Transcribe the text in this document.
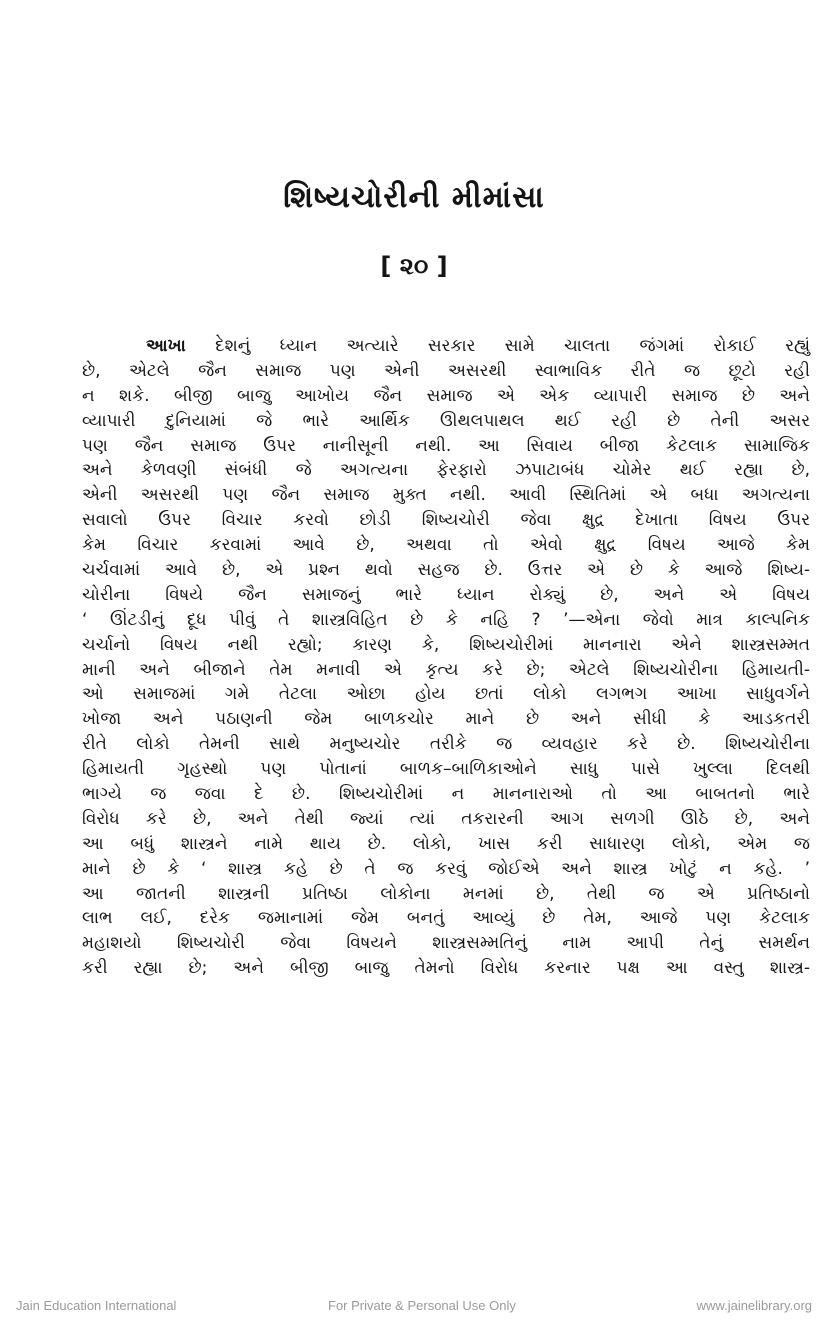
શિષ્યચોરીની મીમાંસા
[ ૨૦ ]
આખા દેશનું ધ્યાન અત્યારે સરકાર સામે ચાલતા જંગમાં રોકાઈ રહ્યું
છે, એટલે જૈન સમાજ પણ એની અસરથી સ્વાભાવિક રીતે જ છૂટો રહી
ન શકે. બીજી બાજુ આખોય જૈન સમાજ એ એક વ્યાપારી સમાજ છે અને
વ્યાપારી દુનિયામાં જે ભારે આર્થિક ઊથલપાથલ થઈ રહી છે તેની અસર
પણ જૈન સમાજ ઉપર નાનીસૂની નથી. આ સિવાય બીજા કેટલાક સામાજિક
અને કેળવણી સંબંધી જે અગત્યના ફેરફારો ઝપાટાબંધ ચોમેર થઈ રહ્યા છે,
એની અસરથી પણ જૈન સમાજ મુક્ત નથી. આવી સ્થિતિમાં એ બધા અગત્યના
સવાલો ઉપર વિચાર કરવો છોડી શિષ્યચોરી જેવા ક્ષુદ્ર દેખાતા વિષય ઉપર
કેમ વિચાર કરવામાં આવે છે, અથવા તો એવો ક્ષુદ્ર વિષય આજે કેમ
ચર્ચવામાં આવે છે, એ પ્રશ્ન થવો સહજ છે. ઉત્તર એ છે કે આજે શિષ્ય-
ચોરીના વિષયે જૈન સમાજનું ભારે ધ્યાન રોક્યું છે, અને એ વિષય
‘ ઊંટડીનું દૂધ પીવું તે શાસ્ત્રવિહિત છે કે નહિ ? ’—એના જેવો માત્ર કાલ્પનિક
ચર્ચાનો વિષય નથી રહ્યો; કારણ કે, શિષ્યચોરીમાં માનનારા એને શાસ્ત્રસમ્મત
માની અને બીજાને તેમ મનાવી એ કૃત્ય કરે છે; એટલે શિષ્યચોરીના હિમાયતી-
ઓ સમાજમાં ગમે તેટલા ઓછા હોય છતાં લોકો લગભગ આખા સાધુવર્ગને
ખોજા અને પઠાણની જેમ બાળકચોર માને છે અને સીધી કે આડકતરી
રીતે લોકો તેમની સાથે મનુષ્યચોર તરીકે જ વ્યવહાર કરે છે. શિષ્યચોરીના
હિમાયતી ગૃહસ્થો પણ પોતાનાં બાળક–બાળિકાઓને સાધુ પાસે ખુલ્લા દિલથી
ભાગ્યે જ જવા દે છે. શિષ્યચોરીમાં ન માનનારાઓ તો આ બાબતનો ભારે
વિરોધ કરે છે, અને તેથી જ્યાં ત્યાં તકરારની આગ સળગી ઊઠે છે, અને
આ બધું શાસ્ત્રને નામે થાય છે. લોકો, ખાસ કરી સાધારણ લોકો, એમ જ
માને છે કે ‘ શાસ્ત્ર કહે છે તે જ કરવું જોઈએ અને શાસ્ત્ર ખોટું ન કહે. ’
આ જાતની શાસ્ત્રની પ્રતિષ્ઠા લોકોના મનમાં છે, તેથી જ એ પ્રતિષ્ઠાનો
લાભ લઈ, દરેક જમાનામાં જેમ બનતું આવ્યું છે તેમ, આજે પણ કેટલાક
મહાશયો શિષ્યચોરી જેવા વિષયને શાસ્ત્રસમ્મતિનું નામ આપી તેનું સમર્થન
કરી રહ્યા છે; અને બીજી બાજુ તેમનો વિરોધ કરનાર પક્ષ આ વસ્તુ શાસ્ત્ર-
Jain Education International	For Private & Personal Use Only	www.jainelibrary.org
